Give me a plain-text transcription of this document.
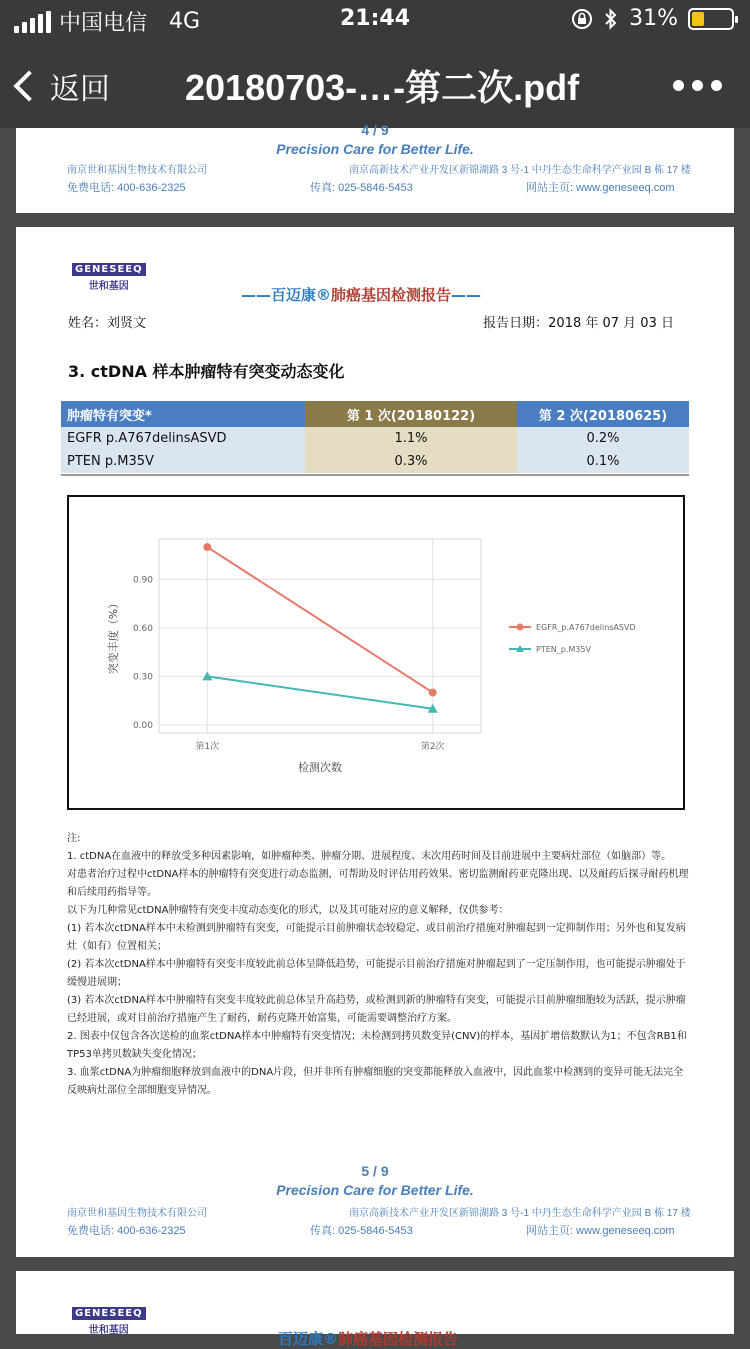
中国电信 4G	21:44	31%
返回 20180703-…-第二次.pdf
4 / 9
Precision Care for Better Life.
南京世和基因生物技术有限公司	南京高新技术产业开发区新锦湖路 3 号-1 中丹生态生命科学产业园 B 栋 17 楼
免费电话: 400-636-2325	传真: 025-5846-5453	网站主页: www.geneseeq.com
GENESEEQ
世和基因	——百迈康®肺癌基因检测报告——
姓名：刘贤文	报告日期：2018 年 07 月 03 日
3. ctDNA 样本肿瘤特有突变动态变化
肿瘤特有突变*	第 1 次(20180122)	第 2 次(20180625)
EGFR p.A767delinsASVD	1.1%	0.2%
PTEN p.M35V	0.3%	0.1%
0.00
0.30
0.60
0.90
第1次	第2次
检测次数
突变丰度（%）	EGFR_p.A767delinsASVD
PTEN_p.M35V
注:
1. ctDNA在血液中的释放受多种因素影响，如肿瘤种类、肿瘤分期、进展程度、末次用药时间及目前进展中主要病灶部位（如脑部）等。
对患者治疗过程中ctDNA样本的肿瘤特有突变进行动态监测，可帮助及时评估用药效果、密切监测耐药亚克隆出现、以及耐药后探寻耐药机理和后续用药指导等。
以下为几种常见ctDNA肿瘤特有突变丰度动态变化的形式，以及其可能对应的意义解释，仅供参考：
(1) 若本次ctDNA样本中未检测到肿瘤特有突变，可能提示目前肿瘤状态较稳定、或目前治疗措施对肿瘤起到一定抑制作用；另外也和复发病灶（如有）位置相关；
(2) 若本次ctDNA样本中肿瘤特有突变丰度较此前总体呈降低趋势，可能提示目前治疗措施对肿瘤起到了一定压制作用，也可能提示肿瘤处于缓慢进展期；
(3) 若本次ctDNA样本中肿瘤特有突变丰度较此前总体呈升高趋势，或检测到新的肿瘤特有突变，可能提示目前肿瘤细胞较为活跃，提示肿瘤已经进展，或对目前治疗措施产生了耐药，耐药克隆开始富集，可能需要调整治疗方案。
2. 图表中仅包含各次送检的血浆ctDNA样本中肿瘤特有突变情况；未检测到拷贝数变异(CNV)的样本，基因扩增倍数默认为1；不包含RB1和TP53单拷贝数缺失变化情况；
3. 血浆ctDNA为肿瘤细胞释放到血液中的DNA片段，但并非所有肿瘤细胞的突变都能释放入血液中，因此血浆中检测到的变异可能无法完全反映病灶部位全部细胞变异情况。
5 / 9
Precision Care for Better Life.
南京世和基因生物技术有限公司	南京高新技术产业开发区新锦湖路 3 号-1 中丹生态生命科学产业园 B 栋 17 楼
免费电话: 400-636-2325	传真: 025-5846-5453	网站主页: www.geneseeq.com
GENESEEQ
世和基因	百迈康®肺癌基因检测报告
